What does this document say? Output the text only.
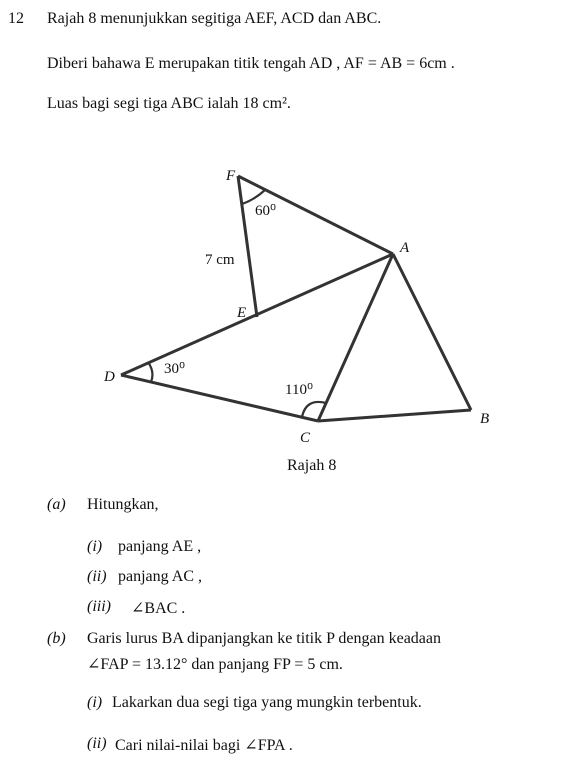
12 Rajah 8 menunjukkan segitiga AEF, ACD dan ABC.
Diberi bahawa E merupakan titik tengah AD , AF = AB = 6cm .
Luas bagi segi tiga ABC ialah 18 cm².
F
A
E
D
C
B
60⁰
30⁰
110⁰
7 cm
Rajah 8
(a) Hitungkan,
(i) panjang AE ,
(ii) panjang AC ,
(iii) ∠BAC .
(b) Garis lurus BA dipanjangkan ke titik P dengan keadaan
∠FAP = 13.12° dan panjang FP = 5 cm.
(i) Lakarkan dua segi tiga yang mungkin terbentuk.
(ii) Cari nilai-nilai bagi ∠FPA .
